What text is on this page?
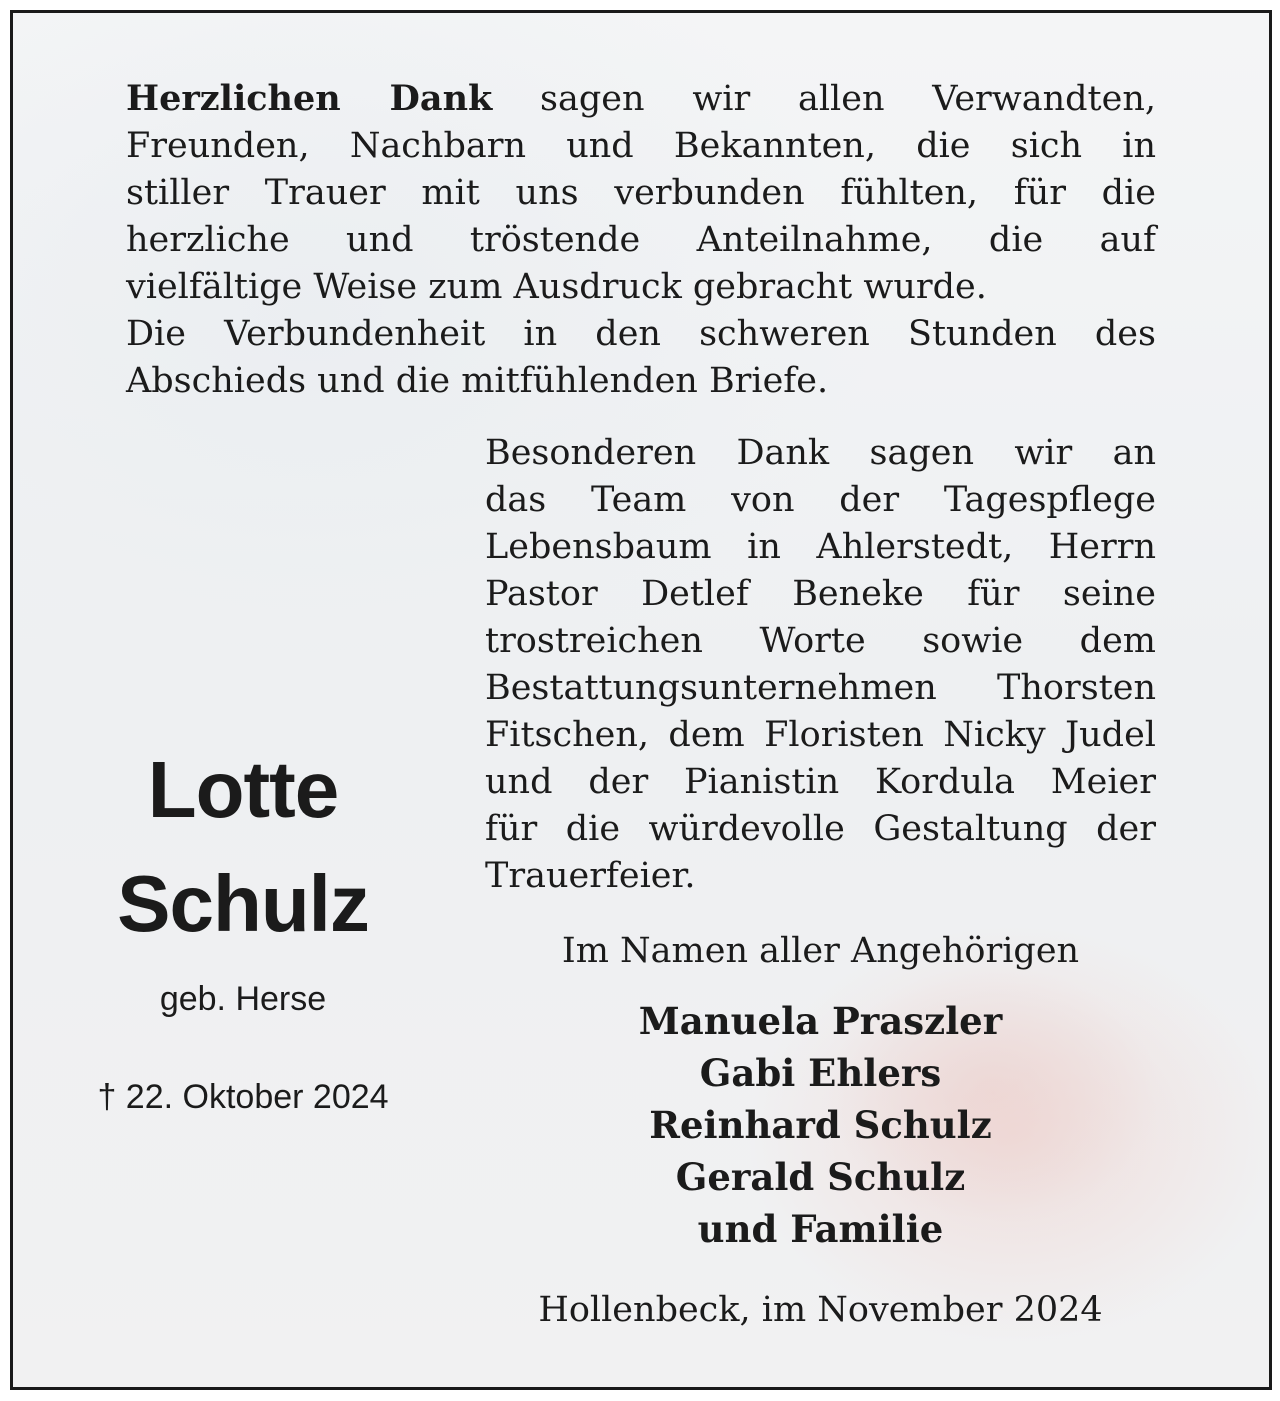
Herzlichen Dank sagen wir allen Verwandten,
Freunden, Nachbarn und Bekannten, die sich in
stiller Trauer mit uns verbunden fühlten, für die
herzliche und tröstende Anteilnahme, die auf
vielfältige Weise zum Ausdruck gebracht wurde.
Die Verbundenheit in den schweren Stunden des
Abschieds und die mitfühlenden Briefe.

Besonderen Dank sagen wir an
das Team von der Tagespflege
Lebensbaum in Ahlerstedt, Herrn
Pastor Detlef Beneke für seine
trostreichen Worte sowie dem
Bestattungsunternehmen Thorsten
Fitschen, dem Floristen Nicky Judel
und der Pianistin Kordula Meier
für die würdevolle Gestaltung der
Trauerfeier.

Lotte
Schulz
geb. Herse
† 22. Oktober 2024
Im Namen aller Angehörigen
Manuela Praszler
Gabi Ehlers
Reinhard Schulz
Gerald Schulz
und Familie
Hollenbeck, im November 2024
